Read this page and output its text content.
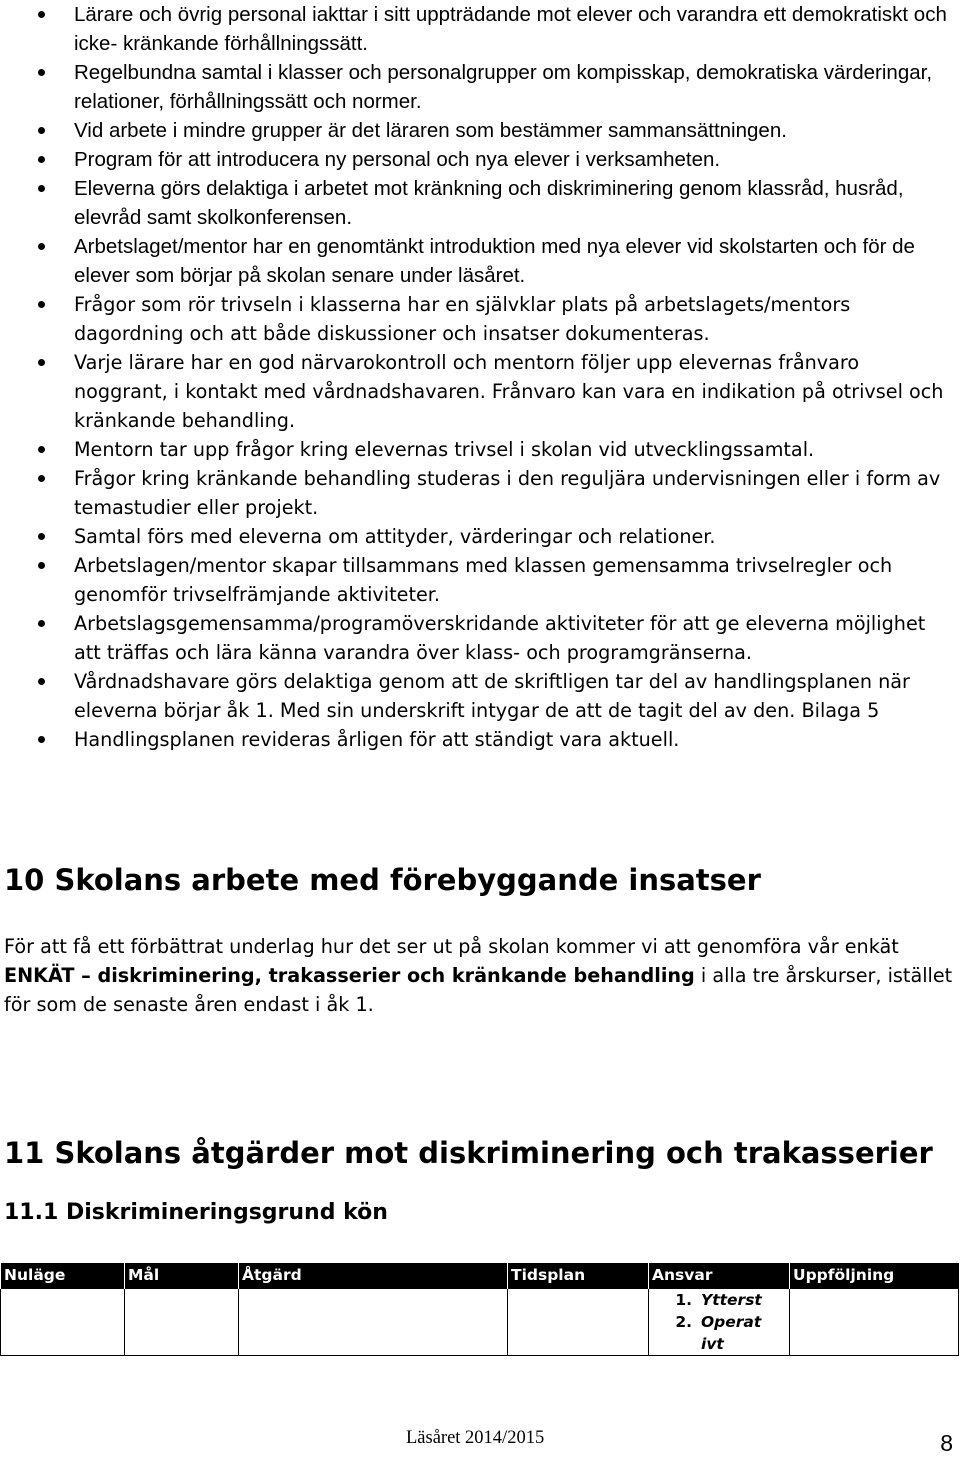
Lärare och övrig personal iakttar i sitt uppträdande mot elever och varandra ett demokratiskt och icke- kränkande förhållningssätt.
Regelbundna samtal i klasser och personalgrupper om kompisskap, demokratiska värderingar, relationer, förhållningssätt och normer.
Vid arbete i mindre grupper är det läraren som bestämmer sammansättningen.
Program för att introducera ny personal och nya elever i verksamheten.
Eleverna görs delaktiga i arbetet mot kränkning och diskriminering genom klassråd, husråd, elevråd samt skolkonferensen.
Arbetslaget/mentor har en genomtänkt introduktion med nya elever vid skolstarten och för de elever som börjar på skolan senare under läsåret.
Frågor som rör trivseln i klasserna har en självklar plats på arbetslagets/mentors dagordning och att både diskussioner och insatser dokumenteras.
Varje lärare har en god närvarokontroll och mentorn följer upp elevernas frånvaro noggrant, i kontakt med vårdnadshavaren. Frånvaro kan vara en indikation på otrivsel och kränkande behandling.
Mentorn tar upp frågor kring elevernas trivsel i skolan vid utvecklingssamtal.
Frågor kring kränkande behandling studeras i den reguljära undervisningen eller i form av temastudier eller projekt.
Samtal förs med eleverna om attityder, värderingar och relationer.
Arbetslagen/mentor skapar tillsammans med klassen gemensamma trivselregler och genomför trivselfrämjande aktiviteter.
Arbetslagsgemensamma/programöverskridande aktiviteter för att ge eleverna möjlighet att träffas och lära känna varandra över klass- och programgränserna.
Vårdnadshavare görs delaktiga genom att de skriftligen tar del av handlingsplanen när eleverna börjar åk 1. Med sin underskrift intygar de att de tagit del av den. Bilaga 5
Handlingsplanen revideras årligen för att ständigt vara aktuell.
10 Skolans arbete med förebyggande insatser

För att få ett förbättrat underlag hur det ser ut på skolan kommer vi att genomföra vår enkät ENKÄT – diskriminering, trakasserier och kränkande behandling i alla tre årskurser, istället för som de senaste åren endast i åk 1.

11 Skolans åtgärder mot diskriminering och trakasserier
11.1 Diskrimineringsgrund kön
Nuläge	Mål	Åtgärd	Tidsplan	Ansvar	Uppföljning

				1. Ytterst
2. Operat ivt	

Läsåret 2014/2015	8
